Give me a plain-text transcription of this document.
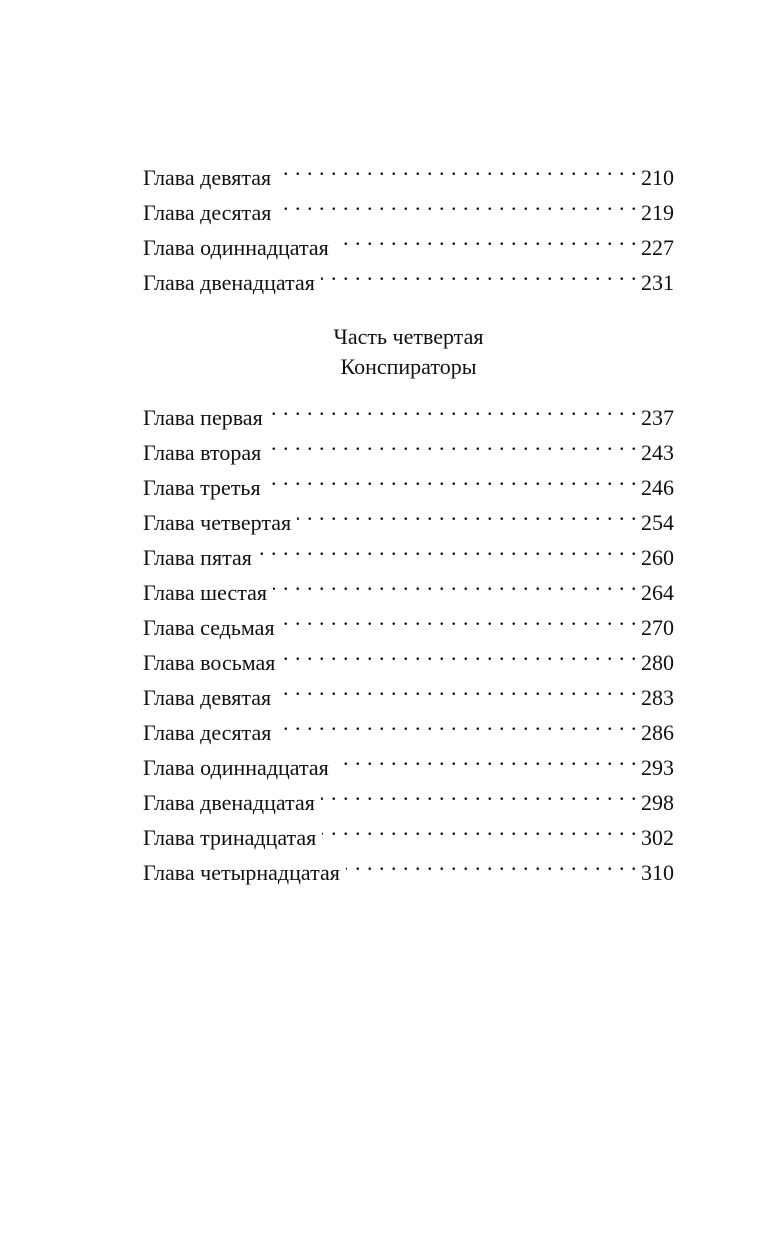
Глава девятая . . .	210
Глава десятая . . .	219
Глава одиннадцатая . . .	227
Глава двенадцатая . . .	231
Часть четвертая
Конспираторы
Глава первая . . .	237
Глава вторая . . .	243
Глава третья . . .	246
Глава четвертая . . .	254
Глава пятая . . .	260
Глава шестая . . .	264
Глава седьмая . . .	270
Глава восьмая . . .	280
Глава девятая . . .	283
Глава десятая . . .	286
Глава одиннадцатая . . .	293
Глава двенадцатая . . .	298
Глава тринадцатая . . .	302
Глава четырнадцатая . . .	310
